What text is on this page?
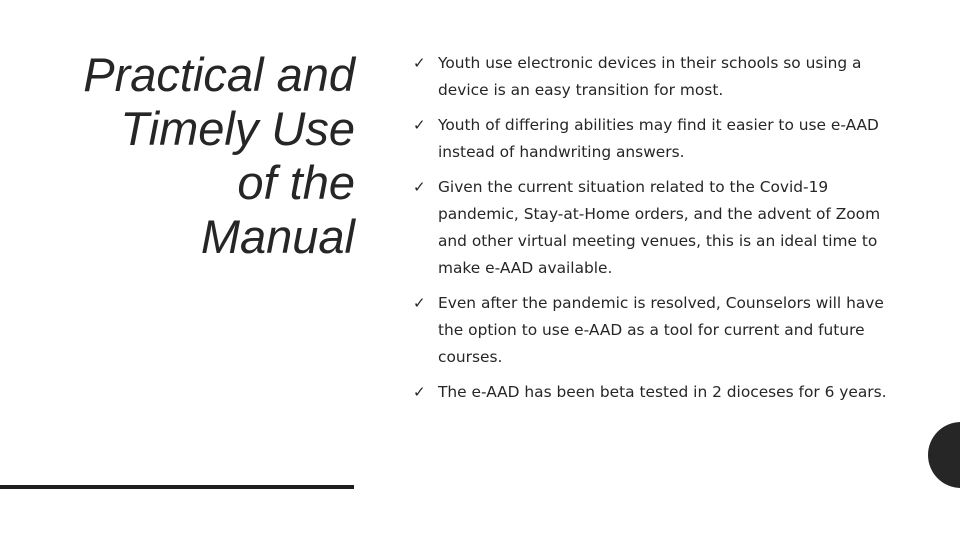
Practical and
Timely Use
of the
Manual
✓ Youth use electronic devices in their schools so using a device is an easy transition for most.
✓ Youth of differing abilities may find it easier to use e-AAD instead of handwriting answers.
✓ Given the current situation related to the Covid-19 pandemic, Stay-at-Home orders, and the advent of Zoom and other virtual meeting venues, this is an ideal time to make e-AAD available.
✓ Even after the pandemic is resolved, Counselors will have the option to use e-AAD as a tool for current and future courses.
✓ The e-AAD has been beta tested in 2 dioceses for 6 years.
